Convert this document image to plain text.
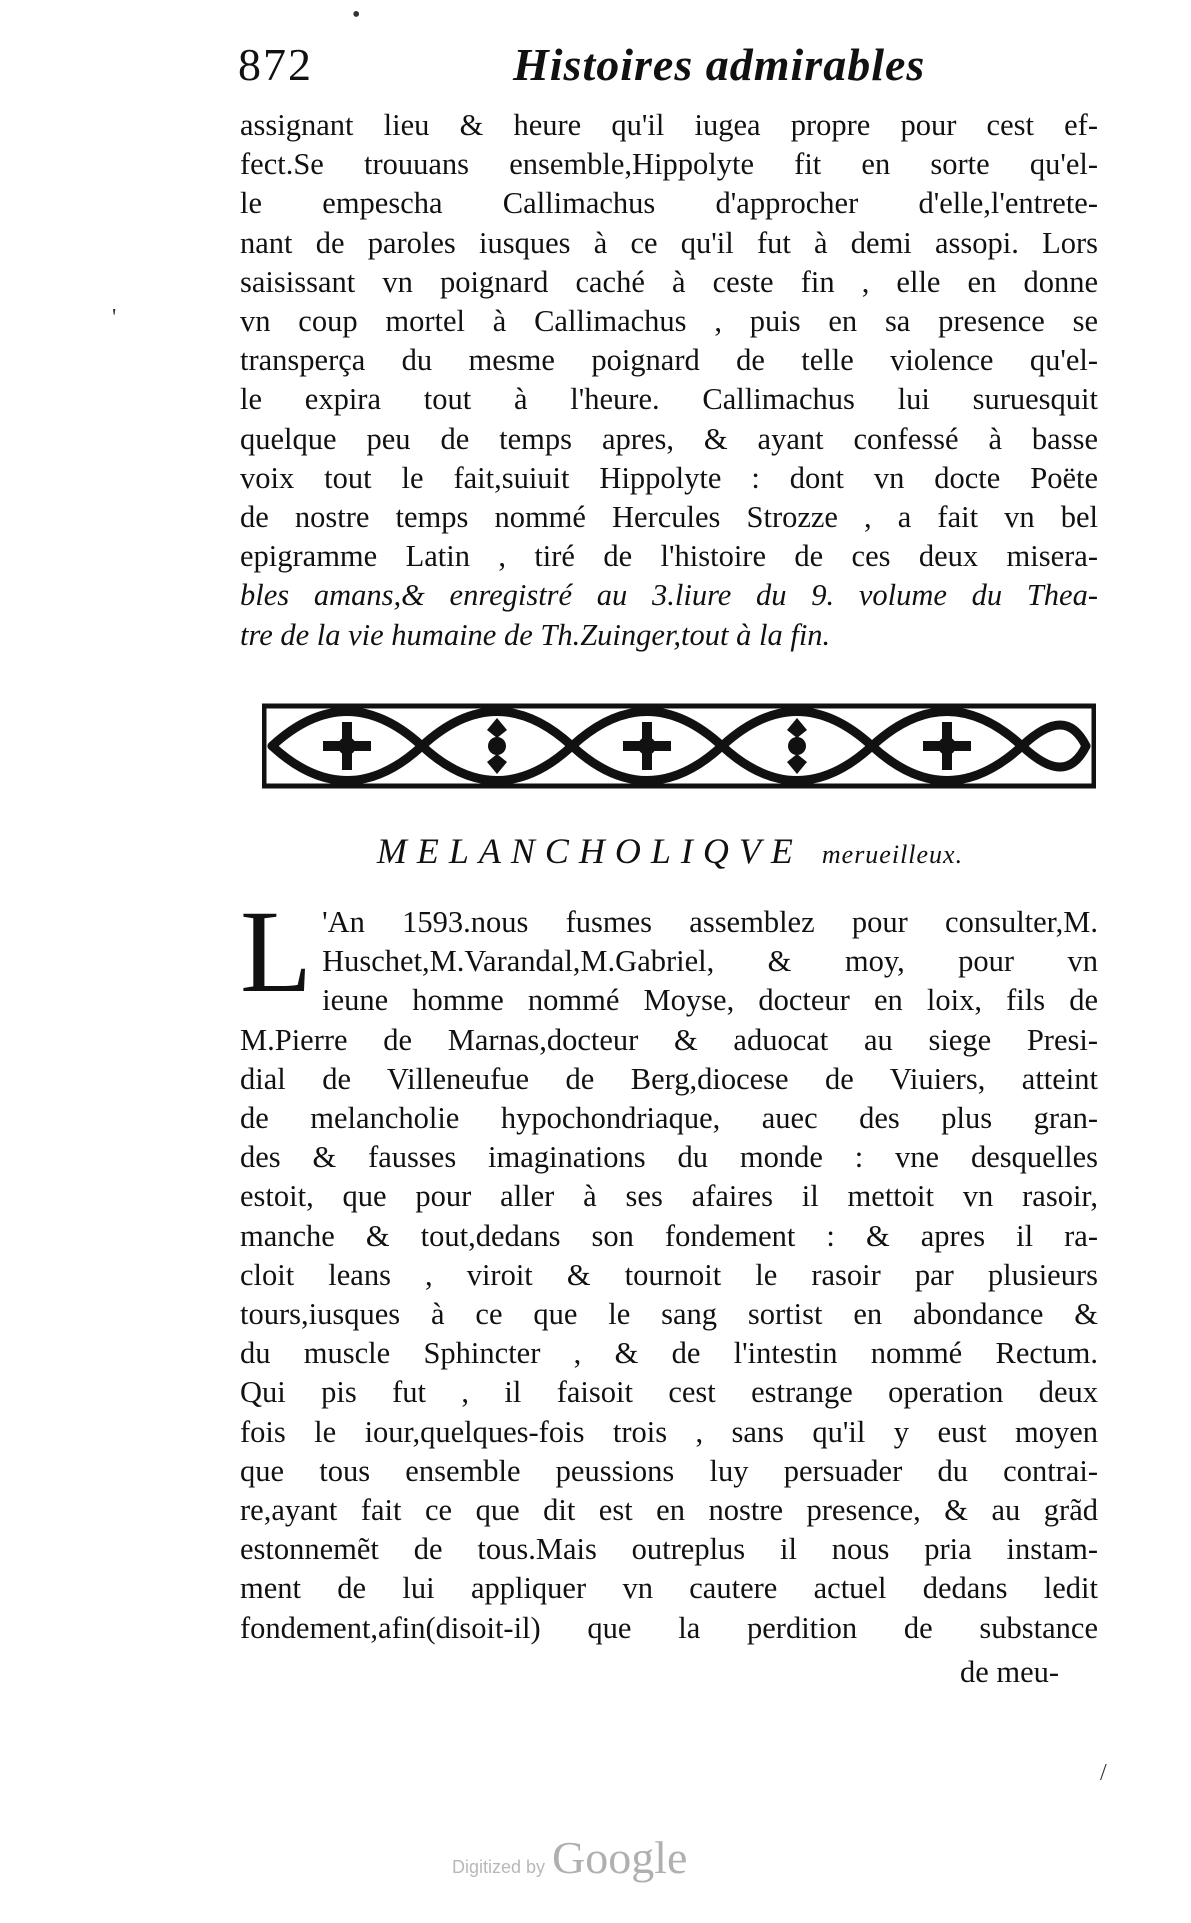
872	Histoires admirables
assignant lieu & heure qu'il iugea propre pour cest ef-
fect.Se trouuans ensemble,Hippolyte fit en sorte qu'el-
le empescha Callimachus d'approcher d'elle,l'entrete-
nant de paroles iusques à ce qu'il fut à demi assopi. Lors
saisissant vn poignard caché à ceste fin , elle en donne
vn coup mortel à Callimachus , puis en sa presence se
transperça du mesme poignard de telle violence qu'el-
le expira tout à l'heure. Callimachus lui suruesquit
quelque peu de temps apres, & ayant confessé à basse
voix tout le fait,suiuit Hippolyte : dont vn docte Poëte
de nostre temps nommé Hercules Strozze , a fait vn bel
epigramme Latin , tiré de l'histoire de ces deux misera-
bles amans,& enregistré au 3.liure du 9. volume du Thea-
tre de la vie humaine de Th.Zuinger,tout à la fin.
MELANCHOLIQVE merueilleux.
L 'An 1593.nous fusmes assemblez pour consulter,M.
Huschet,M.Varandal,M.Gabriel, & moy, pour vn
ieune homme nommé Moyse, docteur en loix, fils de
M.Pierre de Marnas,docteur & aduocat au siege Presi-
dial de Villeneufue de Berg,diocese de Viuiers, atteint
de melancholie hypochondriaque, auec des plus gran-
des & fausses imaginations du monde : vne desquelles
estoit, que pour aller à ses afaires il mettoit vn rasoir,
manche & tout,dedans son fondement : & apres il ra-
cloit leans , viroit & tournoit le rasoir par plusieurs
tours,iusques à ce que le sang sortist en abondance &
du muscle Sphincter , & de l'intestin nommé Rectum.
Qui pis fut , il faisoit cest estrange operation deux
fois le iour,quelques-fois trois , sans qu'il y eust moyen
que tous ensemble peussions luy persuader du contrai-
re,ayant fait ce que dit est en nostre presence, & au grãd
estonnemẽt de tous.Mais outreplus il nous pria instam-
ment de lui appliquer vn cautere actuel dedans ledit
fondement,afin(disoit-il) que la perdition de substance
de meu-
•
'
/
Digitized by Google
